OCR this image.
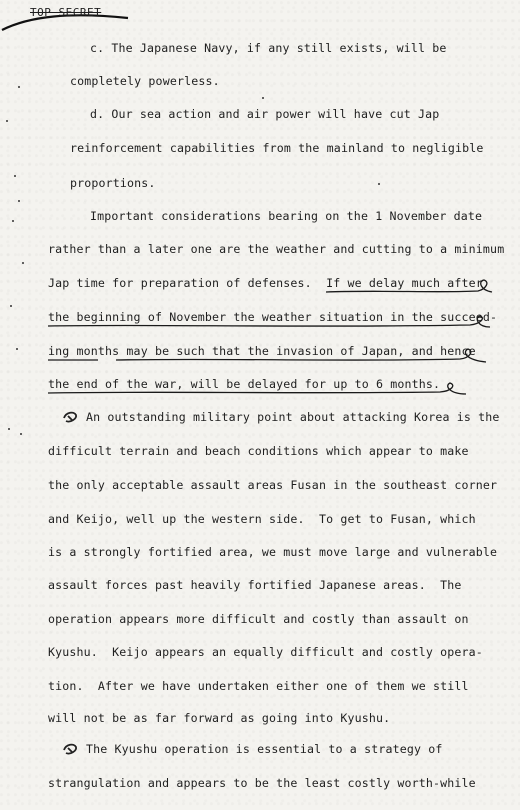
TOP SECRET
c. The Japanese Navy, if any still exists, will be
completely powerless.
d. Our sea action and air power will have cut Jap
reinforcement capabilities from the mainland to negligible
proportions.
Important considerations bearing on the 1 November date
rather than a later one are the weather and cutting to a minimum
Jap time for preparation of defenses.  If we delay much after
the beginning of November the weather situation in the succeed-
ing months may be such that the invasion of Japan, and hence
the end of the war, will be delayed for up to 6 months.
An outstanding military point about attacking Korea is the
difficult terrain and beach conditions which appear to make
the only acceptable assault areas Fusan in the southeast corner
and Keijo, well up the western side.  To get to Fusan, which
is a strongly fortified area, we must move large and vulnerable
assault forces past heavily fortified Japanese areas.  The
operation appears more difficult and costly than assault on
Kyushu.  Keijo appears an equally difficult and costly opera-
tion.  After we have undertaken either one of them we still
will not be as far forward as going into Kyushu.
The Kyushu operation is essential to a strategy of
strangulation and appears to be the least costly worth-while
